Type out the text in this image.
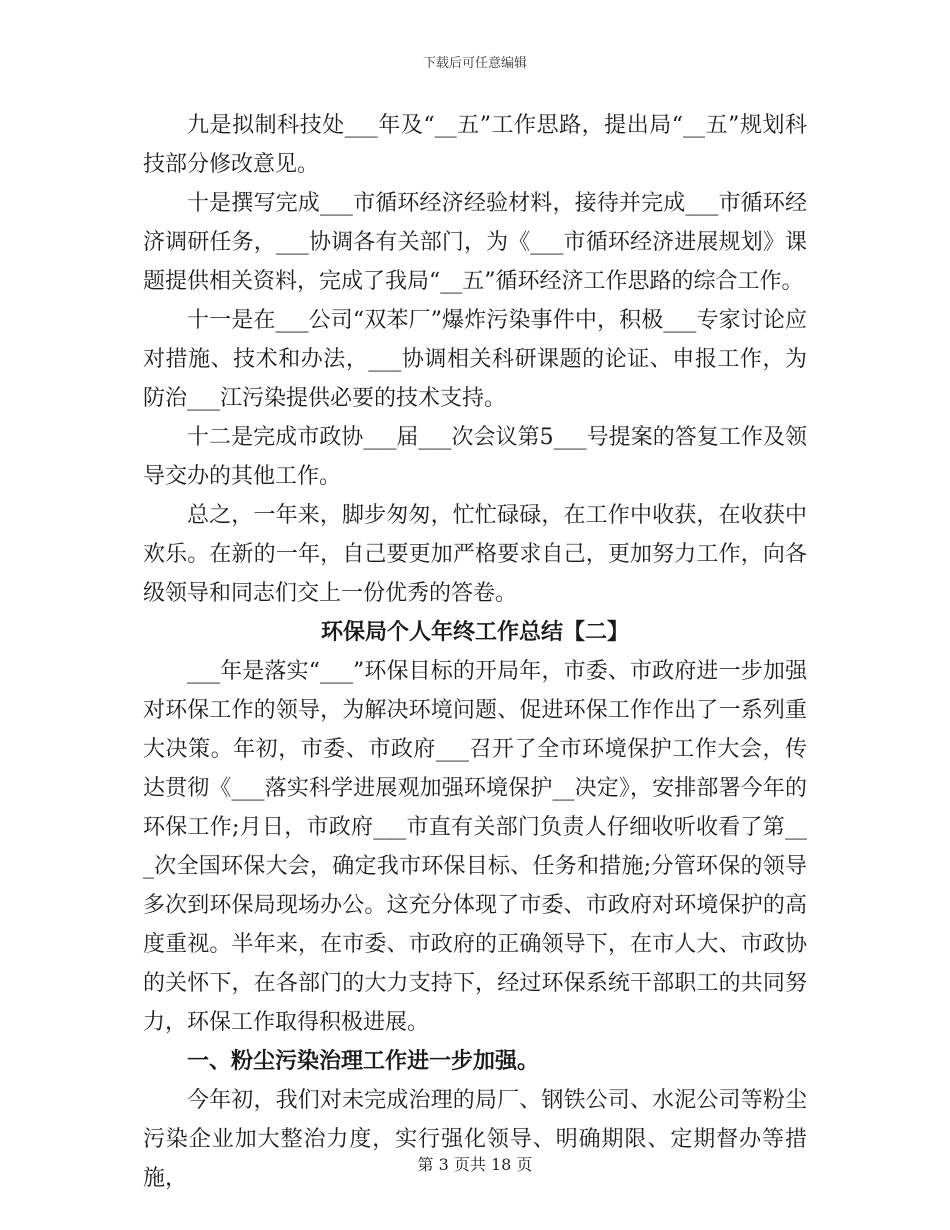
下载后可任意编辑

九是拟制科技处___年及“__五”工作思路，提出局“__五”规划科技部分修改意见。

十是撰写完成___市循环经济经验材料，接待并完成___市循环经济调研任务，___协调各有关部门，为《___市循环经济进展规划》课题提供相关资料，完成了我局“__五”循环经济工作思路的综合工作。

十一是在___公司“双苯厂”爆炸污染事件中，积极___专家讨论应对措施、技术和办法，___协调相关科研课题的论证、申报工作，为防治___江污染提供必要的技术支持。

十二是完成市政协___届___次会议第5___号提案的答复工作及领导交办的其他工作。

总之，一年来，脚步匆匆，忙忙碌碌，在工作中收获，在收获中欢乐。在新的一年，自己要更加严格要求自己，更加努力工作，向各级领导和同志们交上一份优秀的答卷。

环保局个人年终工作总结【二】

___年是落实“___”环保目标的开局年，市委、市政府进一步加强对环保工作的领导，为解决环境问题、促进环保工作作出了一系列重大决策。年初，市委、市政府___召开了全市环境保护工作大会，传达贯彻《___落实科学进展观加强环境保护__决定》，安排部署今年的环保工作;月日，市政府___市直有关部门负责人仔细收听收看了第___次全国环保大会，确定我市环保目标、任务和措施;分管环保的领导多次到环保局现场办公。这充分体现了市委、市政府对环境保护的高度重视。半年来，在市委、市政府的正确领导下，在市人大、市政协的关怀下，在各部门的大力支持下，经过环保系统干部职工的共同努力，环保工作取得积极进展。

一、粉尘污染治理工作进一步加强。

今年初，我们对未完成治理的局厂、钢铁公司、水泥公司等粉尘污染企业加大整治力度，实行强化领导、明确期限、定期督办等措施，

第 3 页共 18 页
